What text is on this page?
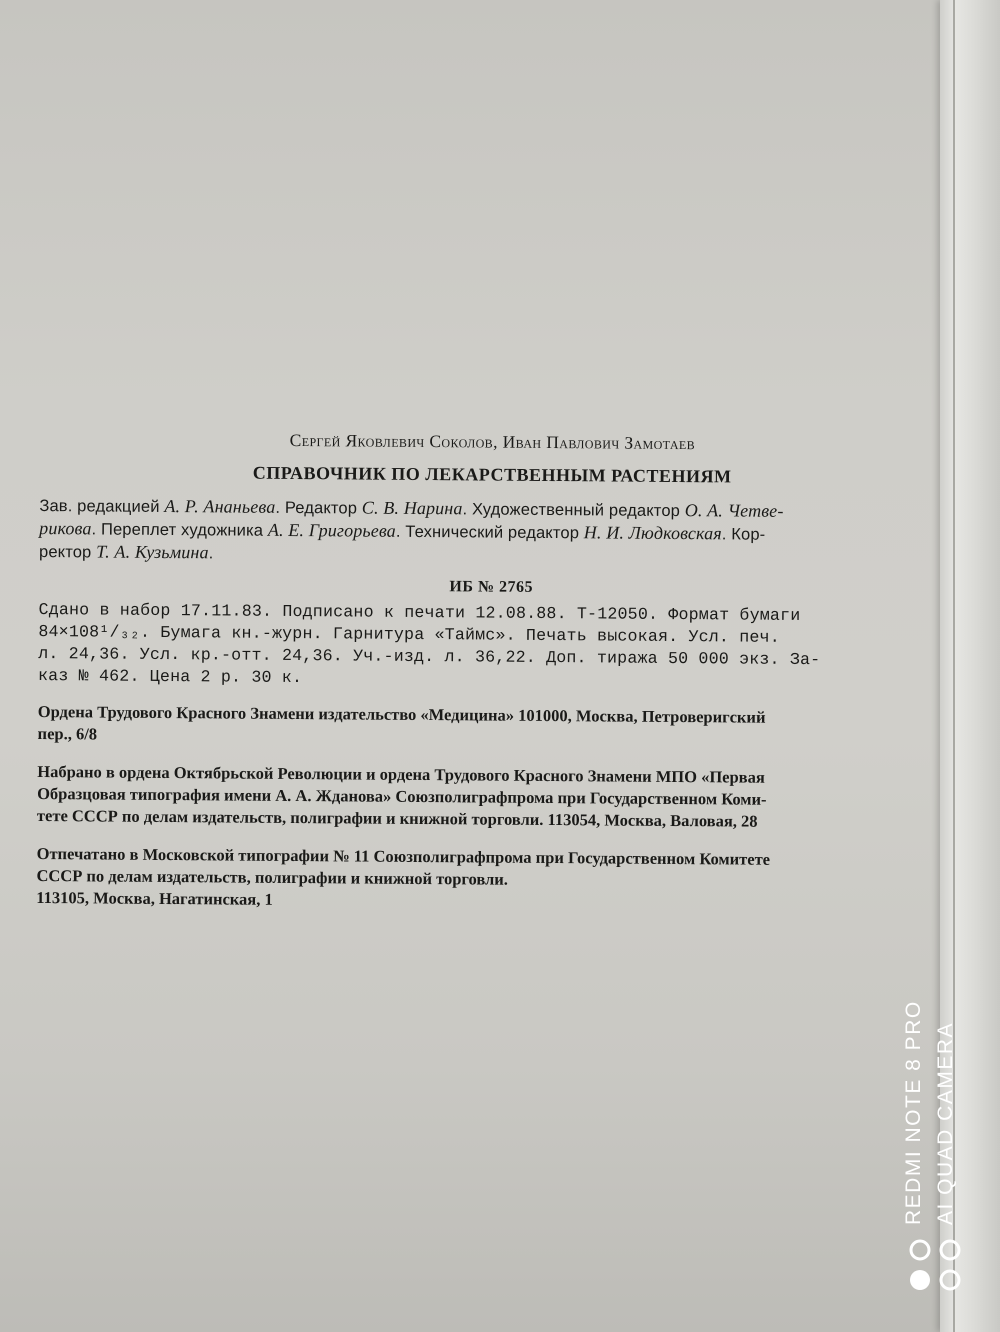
Сергей Яковлевич Соколов, Иван Павлович Замотаев
СПРАВОЧНИК ПО ЛЕКАРСТВЕННЫМ РАСТЕНИЯМ
Зав. редакцией А. Р. Ананьева. Редактор С. В. Нарина. Художественный редактор О. А. Четве-
рикова. Переплет художника А. Е. Григорьева. Технический редактор Н. И. Людковская. Кор-
ректор Т. А. Кузьмина.
ИБ № 2765
Сдано в набор 17.11.83. Подписано к печати 12.08.88. Т-12050. Формат бумаги
84×108¹/₃₂. Бумага кн.-журн. Гарнитура «Таймс». Печать высокая. Усл. печ.
л. 24,36. Усл. кр.-отт. 24,36. Уч.-изд. л. 36,22. Доп. тиража 50 000 экз. За-
каз № 462. Цена 2 р. 30 к.
Ордена Трудового Красного Знамени издательство «Медицина» 101000, Москва, Петроверигский
пер., 6/8
Набрано в ордена Октябрьской Революции и ордена Трудового Красного Знамени МПО «Первая
Образцовая типография имени А. А. Жданова» Союзполиграфпрома при Государственном Коми-
тете СССР по делам издательств, полиграфии и книжной торговли. 113054, Москва, Валовая, 28
Отпечатано в Московской типографии № 11 Союзполиграфпрома при Государственном Комитете
СССР по делам издательств, полиграфии и книжной торговли.
113105, Москва, Нагатинская, 1
REDMI NOTE 8 PRO AI QUAD CAMERA
